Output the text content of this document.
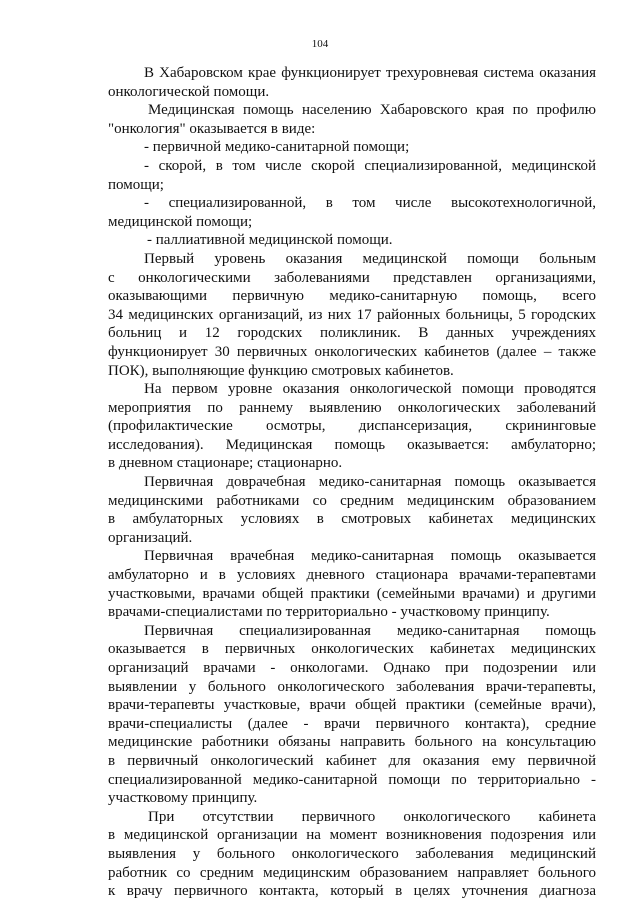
104
В Хабаровском крае функционирует трехуровневая система оказания
онкологической помощи.
Медицинская помощь населению Хабаровского края по профилю
"онкология" оказывается в виде:
- первичной медико-санитарной помощи;
- скорой, в том числе скорой специализированной, медицинской
помощи;
- специализированной, в том числе высокотехнологичной,
медицинской помощи;
- паллиативной медицинской помощи.
Первый уровень оказания медицинской помощи больным
с онкологическими заболеваниями представлен организациями,
оказывающими первичную медико-санитарную помощь, всего
34 медицинских организаций, из них 17 районных больницы, 5 городских
больниц и 12 городских поликлиник. В данных учреждениях
функционирует 30 первичных онкологических кабинетов (далее – также
ПОК), выполняющие функцию смотровых кабинетов.
На первом уровне оказания онкологической помощи проводятся
мероприятия по раннему выявлению онкологических заболеваний
(профилактические осмотры, диспансеризация, скрининговые
исследования). Медицинская помощь оказывается: амбулаторно;
в дневном стационаре; стационарно.
Первичная доврачебная медико-санитарная помощь оказывается
медицинскими работниками со средним медицинским образованием
в амбулаторных условиях в смотровых кабинетах медицинских
организаций.
Первичная врачебная медико-санитарная помощь оказывается
амбулаторно и в условиях дневного стационара врачами-терапевтами
участковыми, врачами общей практики (семейными врачами) и другими
врачами-специалистами по территориально - участковому принципу.
Первичная специализированная медико-санитарная помощь
оказывается в первичных онкологических кабинетах медицинских
организаций врачами - онкологами. Однако при подозрении или
выявлении у больного онкологического заболевания врачи-терапевты,
врачи-терапевты участковые, врачи общей практики (семейные врачи),
врачи-специалисты (далее - врачи первичного контакта), средние
медицинские работники обязаны направить больного на консультацию
в первичный онкологический кабинет для оказания ему первичной
специализированной медико-санитарной помощи по территориально -
участковому принципу.
При отсутствии первичного онкологического кабинета
в медицинской организации на момент возникновения подозрения или
выявления у больного онкологического заболевания медицинский
работник со средним медицинским образованием направляет больного
к врачу первичного контакта, который в целях уточнения диагноза
